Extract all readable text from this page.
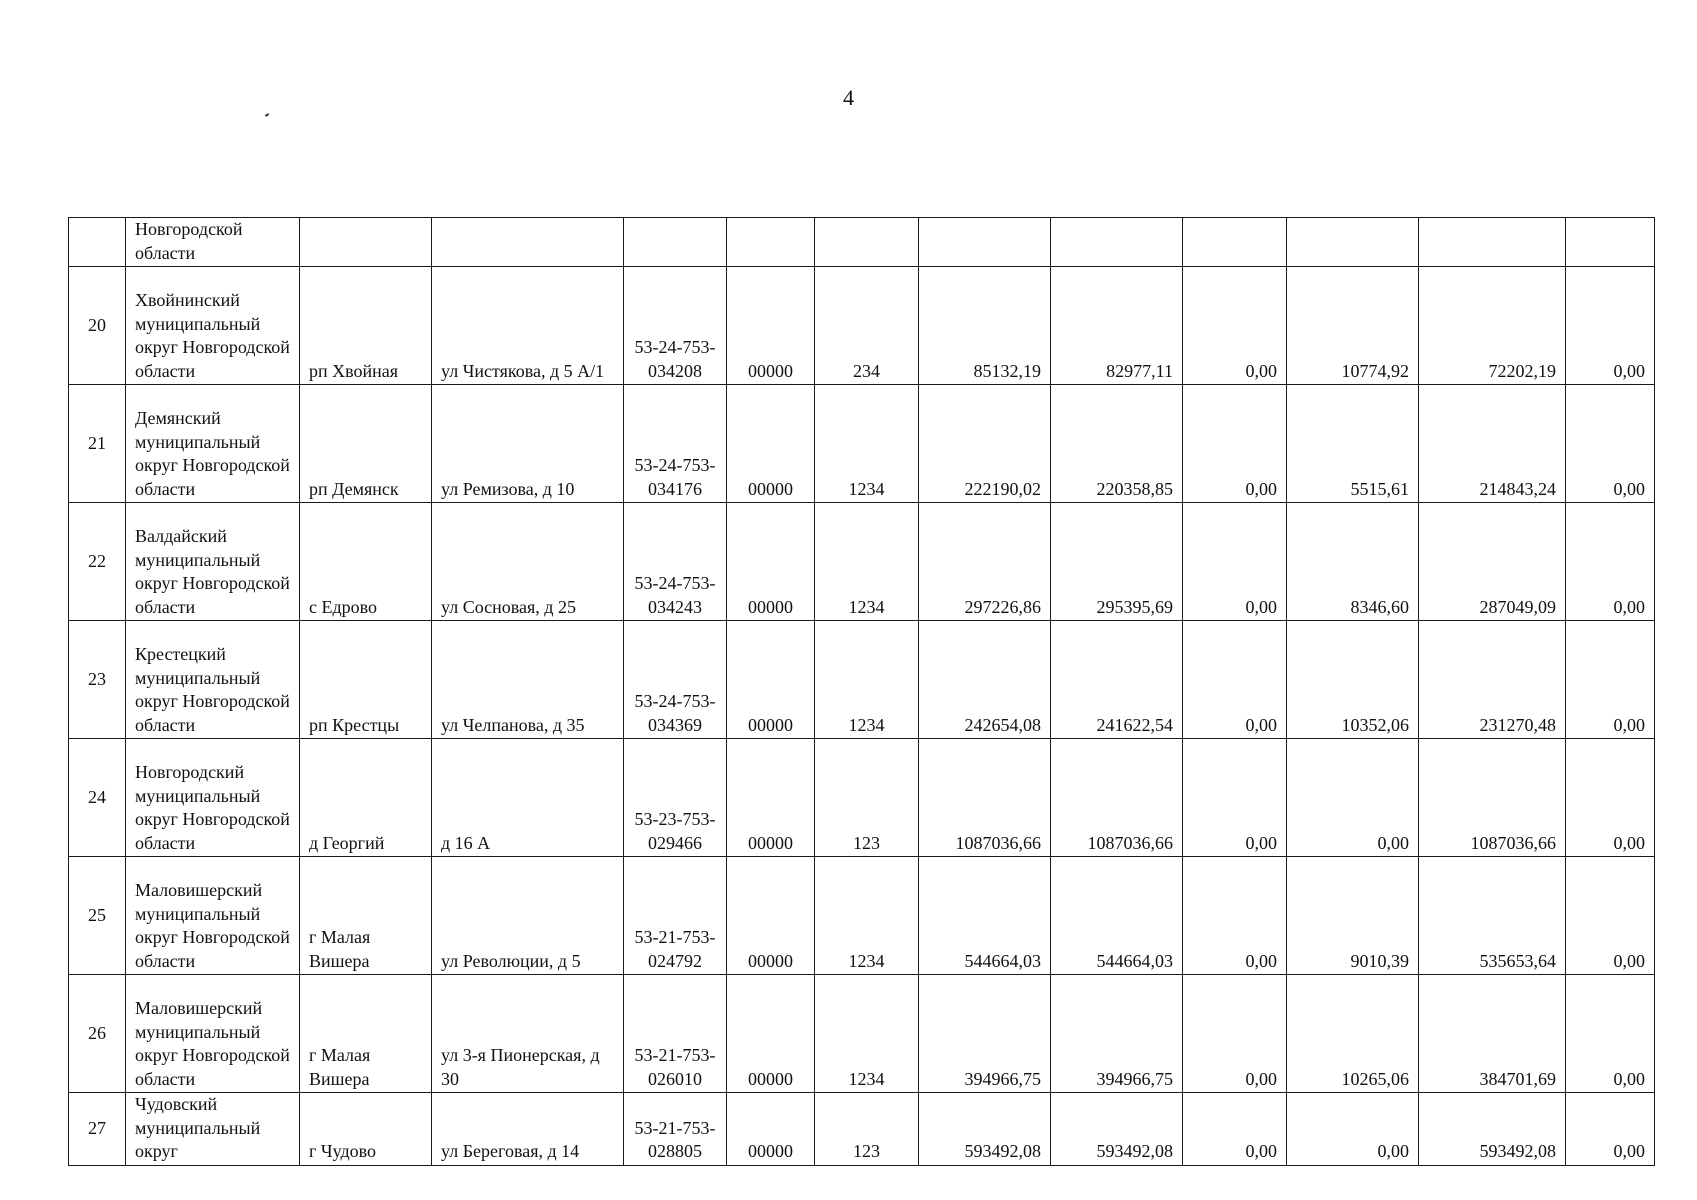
4
	Новгородской области											
20	Хвойнинский муниципальный округ Новгородской области	рп Хвойная	ул Чистякова, д 5 А/1	53-24-753-034208	00000	234	85132,19	82977,11	0,00	10774,92	72202,19	0,00
21	Демянский муниципальный округ Новгородской области	рп Демянск	ул Ремизова, д 10	53-24-753-034176	00000	1234	222190,02	220358,85	0,00	5515,61	214843,24	0,00
22	Валдайский муниципальный округ Новгородской области	с Едрово	ул Сосновая, д 25	53-24-753-034243	00000	1234	297226,86	295395,69	0,00	8346,60	287049,09	0,00
23	Крестецкий муниципальный округ Новгородской области	рп Крестцы	ул Челпанова, д 35	53-24-753-034369	00000	1234	242654,08	241622,54	0,00	10352,06	231270,48	0,00
24	Новгородский муниципальный округ Новгородской области	д Георгий	д 16 А	53-23-753-029466	00000	123	1087036,66	1087036,66	0,00	0,00	1087036,66	0,00
25	Маловишерский муниципальный округ Новгородской области	г Малая Вишера	ул Революции, д 5	53-21-753-024792	00000	1234	544664,03	544664,03	0,00	9010,39	535653,64	0,00
26	Маловишерский муниципальный округ Новгородской области	г Малая Вишера	ул 3-я Пионерская, д 30	53-21-753-026010	00000	1234	394966,75	394966,75	0,00	10265,06	384701,69	0,00
27	Чудовский муниципальный округ	г Чудово	ул Береговая, д 14	53-21-753-028805	00000	123	593492,08	593492,08	0,00	0,00	593492,08	0,00
